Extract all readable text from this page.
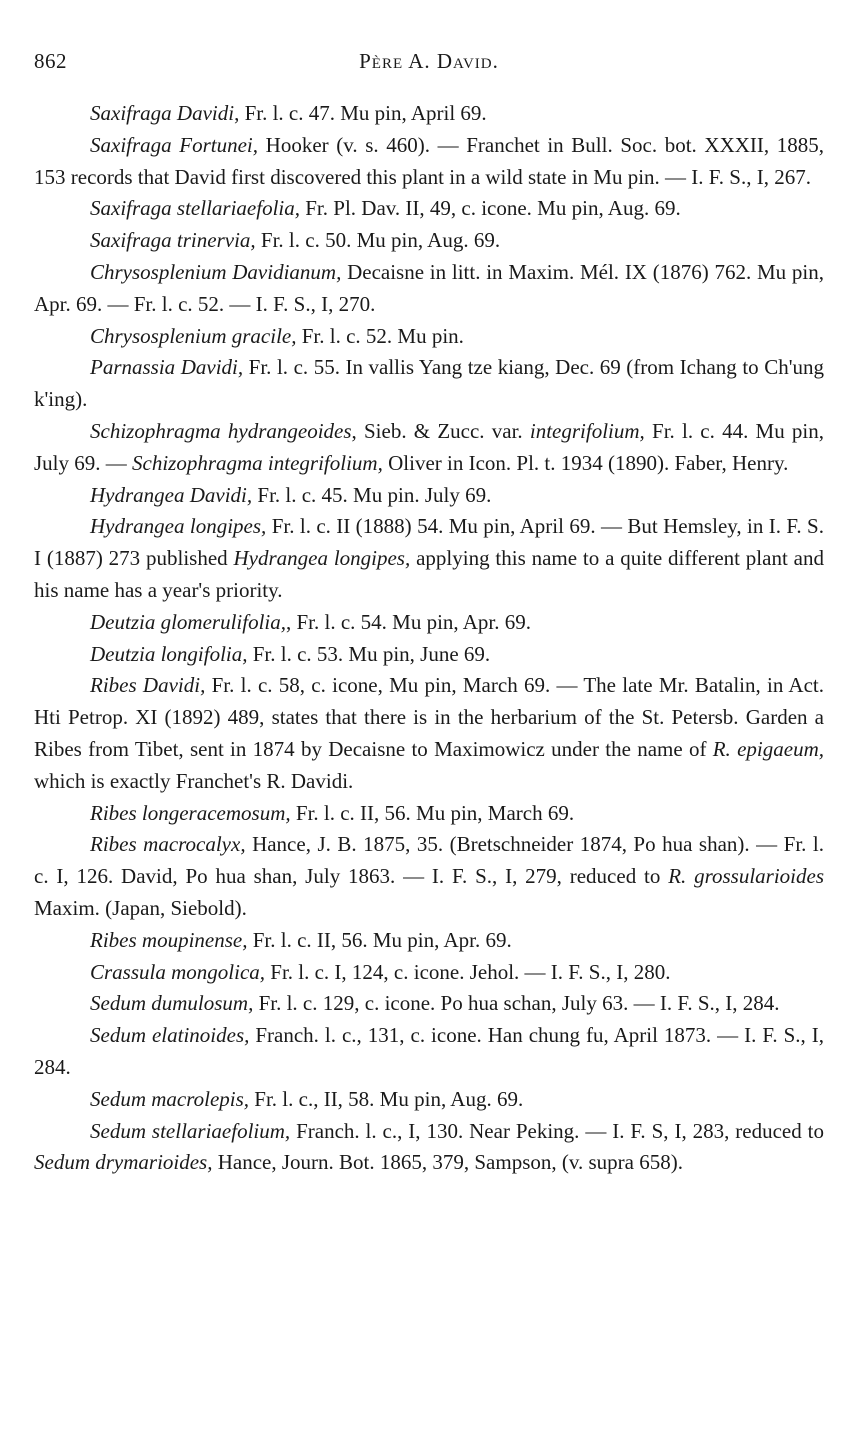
862	Père A. David.

Saxifraga Davidi, Fr. l. c. 47. Mu pin, April 69.

Saxifraga Fortunei, Hooker (v. s. 460). — Franchet in Bull. Soc. bot. XXXII, 1885, 153 records that David first discovered this plant in a wild state in Mu pin. — I. F. S., I, 267.

Saxifraga stellariaefolia, Fr. Pl. Dav. II, 49, c. icone. Mu pin, Aug. 69.

Saxifraga trinervia, Fr. l. c. 50. Mu pin, Aug. 69.

Chrysosplenium Davidianum, Decaisne in litt. in Maxim. Mél. IX (1876) 762. Mu pin, Apr. 69. — Fr. l. c. 52. — I. F. S., I, 270.

Chrysosplenium gracile, Fr. l. c. 52. Mu pin.

Parnassia Davidi, Fr. l. c. 55. In vallis Yang tze kiang, Dec. 69 (from Ichang to Ch'ung k'ing).

Schizophragma hydrangeoides, Sieb. & Zucc. var. integrifolium, Fr. l. c. 44. Mu pin, July 69. — Schizophragma integrifolium, Oliver in Icon. Pl. t. 1934 (1890). Faber, Henry.

Hydrangea Davidi, Fr. l. c. 45. Mu pin. July 69.

Hydrangea longipes, Fr. l. c. II (1888) 54. Mu pin, April 69. — But Hemsley, in I. F. S. I (1887) 273 published Hydrangea longipes, applying this name to a quite different plant and his name has a year's priority.

Deutzia glomerulifolia,, Fr. l. c. 54. Mu pin, Apr. 69.

Deutzia longifolia, Fr. l. c. 53. Mu pin, June 69.

Ribes Davidi, Fr. l. c. 58, c. icone, Mu pin, March 69. — The late Mr. Batalin, in Act. Hti Petrop. XI (1892) 489, states that there is in the herbarium of the St. Petersb. Garden a Ribes from Tibet, sent in 1874 by Decaisne to Maximowicz under the name of R. epigaeum, which is exactly Franchet's R. Davidi.

Ribes longeracemosum, Fr. l. c. II, 56. Mu pin, March 69.

Ribes macrocalyx, Hance, J. B. 1875, 35. (Bretschneider 1874, Po hua shan). — Fr. l. c. I, 126. David, Po hua shan, July 1863. — I. F. S., I, 279, reduced to R. grossularioides Maxim. (Japan, Siebold).

Ribes moupinense, Fr. l. c. II, 56. Mu pin, Apr. 69.

Crassula mongolica, Fr. l. c. I, 124, c. icone. Jehol. — I. F. S., I, 280.

Sedum dumulosum, Fr. l. c. 129, c. icone. Po hua schan, July 63. — I. F. S., I, 284.

Sedum elatinoides, Franch. l. c., 131, c. icone. Han chung fu, April 1873. — I. F. S., I, 284.

Sedum macrolepis, Fr. l. c., II, 58. Mu pin, Aug. 69.

Sedum stellariaefolium, Franch. l. c., I, 130. Near Peking. — I. F. S, I, 283, reduced to Sedum drymarioides, Hance, Journ. Bot. 1865, 379, Sampson, (v. supra 658).
